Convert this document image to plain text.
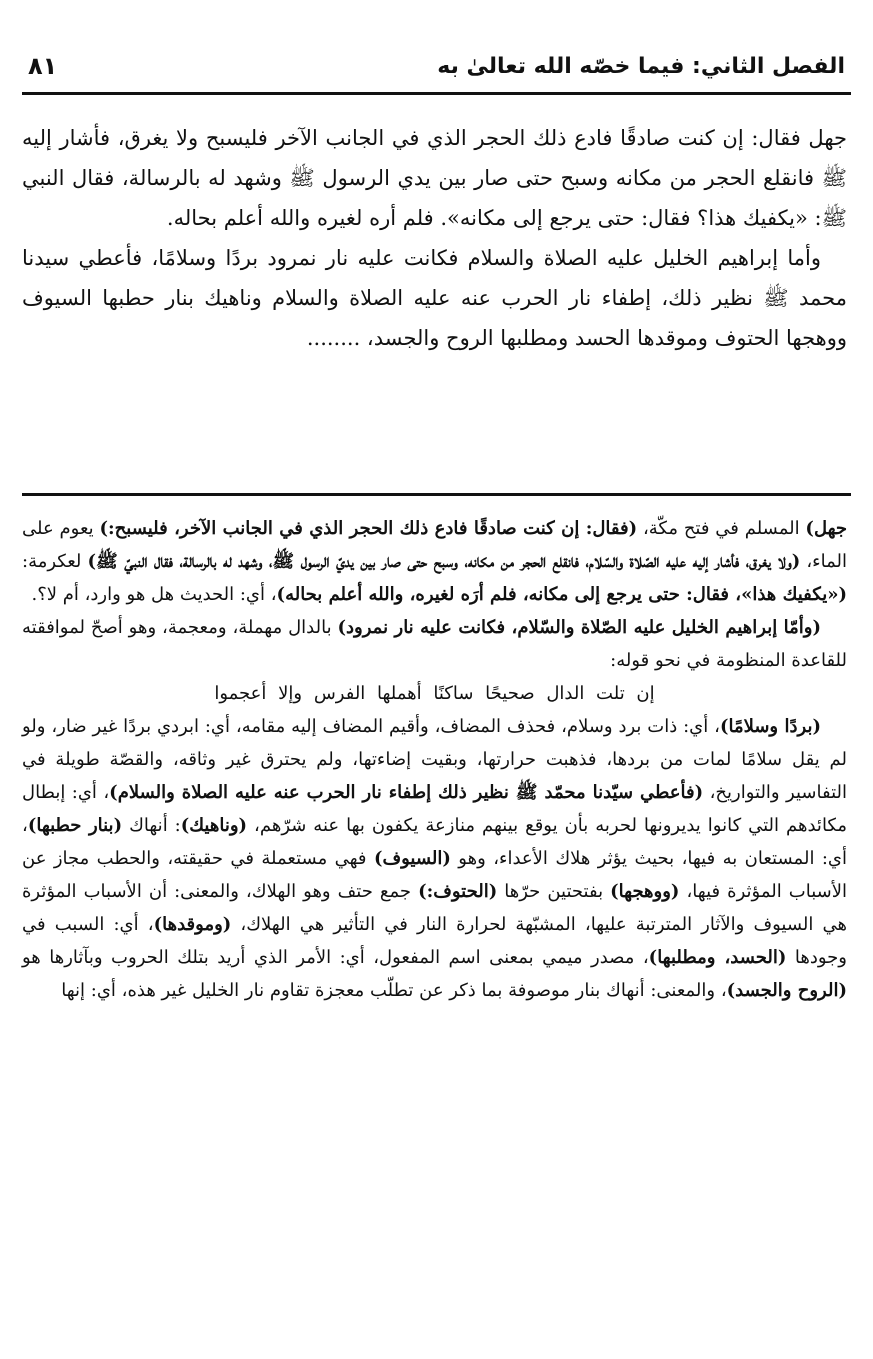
الفصل الثاني: فيما خصّه الله تعالىٰ به
٨١

جهل فقال: إن كنت صادقًا فادع ذلك الحجر الذي في الجانب الآخر فليسبح ولا يغرق، فأشار إليه ﷺ فانقلع الحجر من مكانه وسبح حتى صار بين يدي الرسول ﷺ وشهد له بالرسالة، فقال النبي ﷺ: «يكفيك هذا؟ فقال: حتى يرجع إلى مكانه». فلم أره لغيره والله أعلم بحاله.

وأما إبراهيم الخليل عليه الصلاة والسلام فكانت عليه نار نمرود بردًا وسلامًا، فأعطي سيدنا محمد ﷺ نظير ذلك، إطفاء نار الحرب عنه عليه الصلاة والسلام وناهيك بنار حطبها السيوف ووهجها الحتوف وموقدها الحسد ومطلبها الروح والجسد، ........

جهل) المسلم في فتح مكّة، (فقال: إن كنت صادقًا فادع ذلك الحجر الذي في الجانب الآخر، فليسبح:) يعوم على الماء، (ولا يغرق، فأشار إليه عليه الصّلاة والسّلام، فانقلع الحجر من مكانه، وسبح حتى صار بين يديّ الرسول ﷺ، وشهد له بالرسالة، فقال النبيّ ﷺ) لعكرمة: («يكفيك هذا»، فقال: حتى يرجع إلى مكانه، فلم أرَه لغيره، والله أعلم بحاله)، أي: الحديث هل هو وارد، أم لا؟.

(وأمّا إبراهيم الخليل عليه الصّلاة والسّلام، فكانت عليه نار نمرود) بالدال مهملة، ومعجمة، وهو أصحّ لموافقته للقاعدة المنظومة في نحو قوله:

إن تلت الدال صحيحًا ساكنًا أهملها الفرس وإلا أعجموا

(بردًا وسلامًا)، أي: ذات برد وسلام، فحذف المضاف، وأقيم المضاف إليه مقامه، أي: ابردي بردًا غير ضار، ولو لم يقل سلامًا لمات من بردها، فذهبت حرارتها، وبقيت إضاءتها، ولم يحترق غير وثاقه، والقصّة طويلة في التفاسير والتواريخ، (فأعطي سيّدنا محمّد ﷺ نظير ذلك إطفاء نار الحرب عنه عليه الصلاة والسلام)، أي: إبطال مكائدهم التي كانوا يديرونها لحربه بأن يوقع بينهم منازعة يكفون بها عنه شرّهم، (وناهيك): أنهاك (بنار حطبها)، أي: المستعان به فيها، بحيث يؤثر هلاك الأعداء، وهو (السيوف) فهي مستعملة في حقيقته، والحطب مجاز عن الأسباب المؤثرة فيها، (ووهجها) بفتحتين حرّها (الحتوف:) جمع حتف وهو الهلاك، والمعنى: أن الأسباب المؤثرة هي السيوف والآثار المترتبة عليها، المشبّهة لحرارة النار في التأثير هي الهلاك، (وموقدها)، أي: السبب في وجودها (الحسد، ومطلبها)، مصدر ميمي بمعنى اسم المفعول، أي: الأمر الذي أريد بتلك الحروب وبآثارها هو (الروح والجسد)، والمعنى: أنهاك بنار موصوفة بما ذكر عن تطلّب معجزة تقاوم نار الخليل غير هذه، أي: إنها
